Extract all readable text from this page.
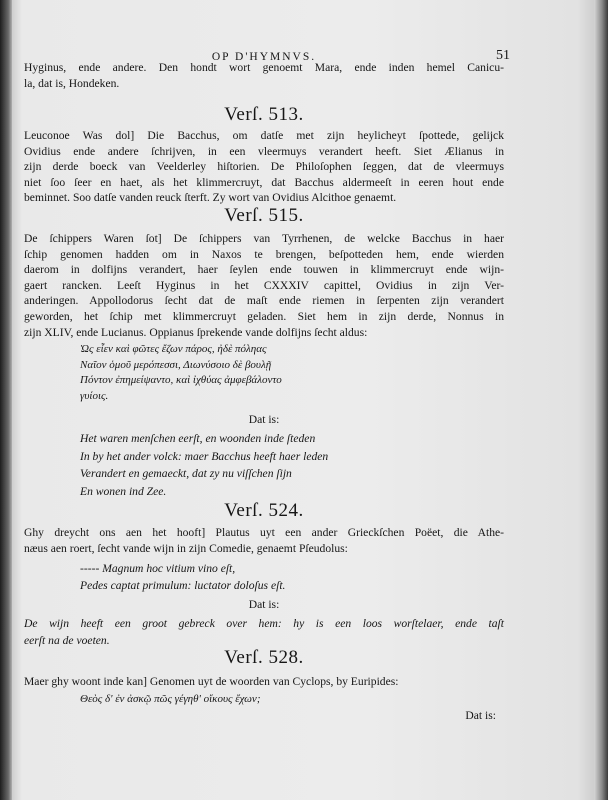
OP D'HYMNVS.	51
Hyginus, ende andere. Den hondt wort genoemt Mara, ende inden hemel Canicu-
la, dat is, Hondeken.
Verſ. 513.
Leuconoe Was dol] Die Bacchus, om datſe met zijn heylicheyt ſpottede, gelijck
Ovidius ende andere ſchrijven, in een vleermuys verandert heeft. Siet Ælianus in
zijn derde boeck van Veelderley hiſtorien. De Philoſophen ſeggen, dat de vleermuys
niet ſoo ſeer en haet, als het klimmercruyt, dat Bacchus aldermeeſt in eeren hout ende
beminnet. Soo datſe vanden reuck ſterft. Zy wort van Ovidius Alcithoe genaemt.
Verſ. 515.
De ſchippers Waren ſot] De ſchippers van Tyrrhenen, de welcke Bacchus in haer
ſchip genomen hadden om in Naxos te brengen, beſpotteden hem, ende wierden
daerom in dolfijns verandert, haer ſeylen ende touwen in klimmercruyt ende wijn-
gaert rancken. Leeſt Hyginus in het CXXXIV capittel, Ovidius in zijn Ver-
anderingen. Appollodorus ſecht dat de maſt ende riemen in ſerpenten zijn verandert
geworden, het ſchip met klimmercruyt geladen. Siet hem in zijn derde, Nonnus in
zijn XLIV, ende Lucianus. Oppianus ſprekende vande dolfijns ſecht aldus:
Ὡς εἶεν καὶ φῶτες ἔζων πάρος, ἠδὲ πόληας
Ναῖον ὁμοῦ μερόπεσσι, Διωνύσοιο δὲ βουλῇ
Πόντον ἐπημείψαντο, καὶ ἰχθύας ἀμφεβάλοντο
γυίοις.
Dat is:
Het waren menſchen eerſt, en woonden inde ſteden
In by het ander volck: maer Bacchus heeft haer leden
Verandert en gemaeckt, dat zy nu viſſchen ſijn
En wonen ind Zee.
Verſ. 524.
Ghy dreycht ons aen het hooft] Plautus uyt een ander Grieckſchen Poëet, die Athe-
næus aen roert, ſecht vande wijn in zijn Comedie, genaemt Pſeudolus:
----- Magnum hoc vitium vino eſt,
Pedes captat primulum: luctator doloſus eſt.
Dat is:
De wijn heeft een groot gebreck over hem: hy is een loos worſtelaer, ende taſt
eerſt na de voeten.
Verſ. 528.
Maer ghy woont inde kan] Genomen uyt de woorden van Cyclops, by Euripides:
Θεὸς δ' ἐν ἀσκῷ πῶς γέγηθ' οἴκους ἔχων;
Dat is:
